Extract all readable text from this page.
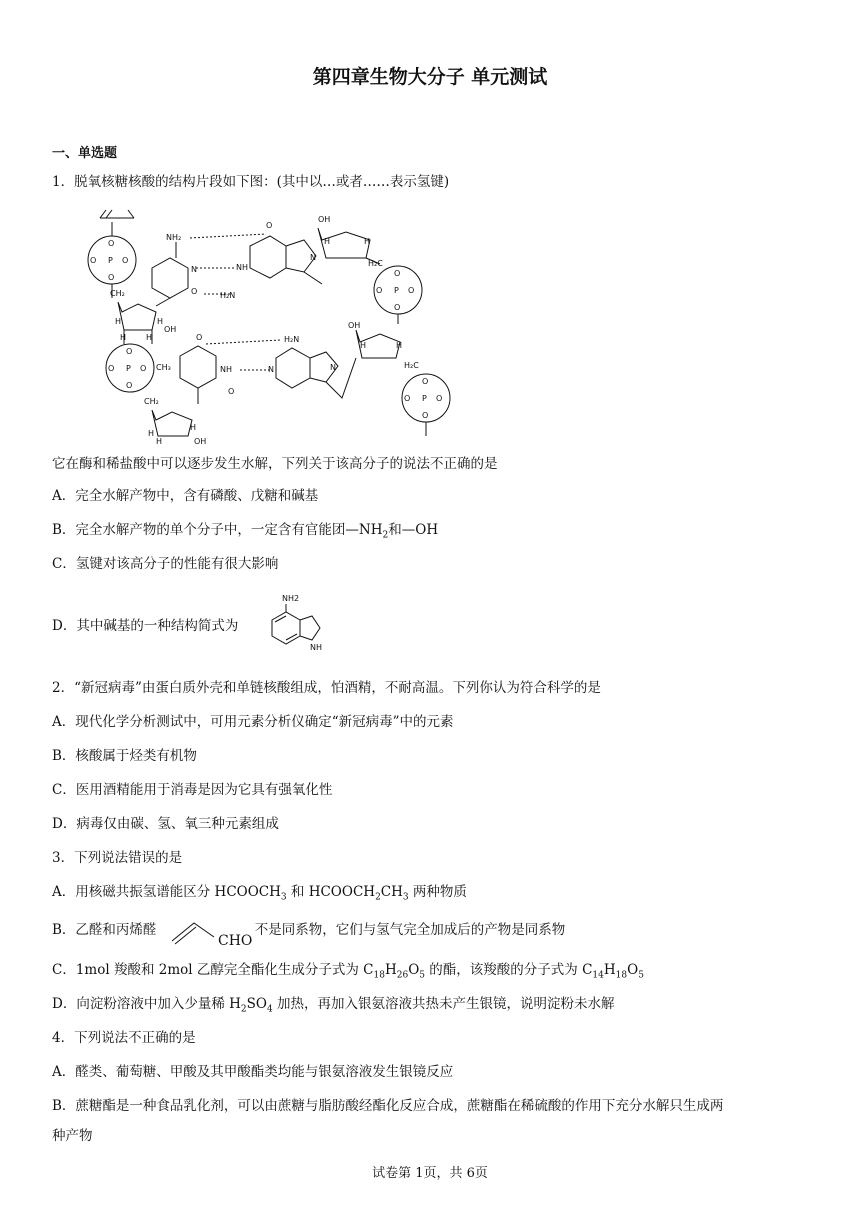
第四章生物大分子 单元测试
一、单选题
1．脱氧核糖核酸的结构片段如下图：(其中以…或者……表示氢键)
P
O
O
O	O
CH₂
H	H
H H
OH
NH₂
N
O
O
NH
H₂N
N
OH
H	H
H₂C
P
O
O
O	O
OH
H	H
H₂C
P
O
O
O	O
P
O
O
O	O CH₃
O
NH
O
CH₂
H
H
H	OH
H₂N
N	N
它在酶和稀盐酸中可以逐步发生水解，下列关于该高分子的说法不正确的是
A．完全水解产物中，含有磷酸、戊糖和碱基
B．完全水解产物的单个分子中，一定含有官能团$—NH_2$和—OH
C．氢键对该高分子的性能有很大影响
D．其中碱基的一种结构简式为
NH2
NH
2．“新冠病毒”由蛋白质外壳和单链核酸组成，怕酒精，不耐高温。下列你认为符合科学的是
A．现代化学分析测试中，可用元素分析仪确定“新冠病毒”中的元素
B．核酸属于烃类有机物
C．医用酒精能用于消毒是因为它具有强氧化性
D．病毒仅由碳、氢、氧三种元素组成
3．下列说法错误的是
A．用核磁共振氢谱能区分 $HCOOCH_3$ 和 $HCOOCH_2CH_3$ 两种物质
B．乙醛和丙烯醛	不是同系物，它们与氢气完全加成后的产物是同系物
CHO
C．1mol 羧酸和 2mol 乙醇完全酯化生成分子式为 $C_{18}H_{26}O_5$ 的酯，该羧酸的分子式为 $C_{14}H_{18}O_5$
D．向淀粉溶液中加入少量稀 $H_2SO_4$ 加热，再加入银氨溶液共热未产生银镜，说明淀粉未水解
4．下列说法不正确的是
A．醛类、葡萄糖、甲酸及其甲酸酯类均能与银氨溶液发生银镜反应
B．蔗糖酯是一种食品乳化剂，可以由蔗糖与脂肪酸经酯化反应合成，蔗糖酯在稀硫酸的作用下充分水解只生成两
种产物
试卷第 1页，共 6页
